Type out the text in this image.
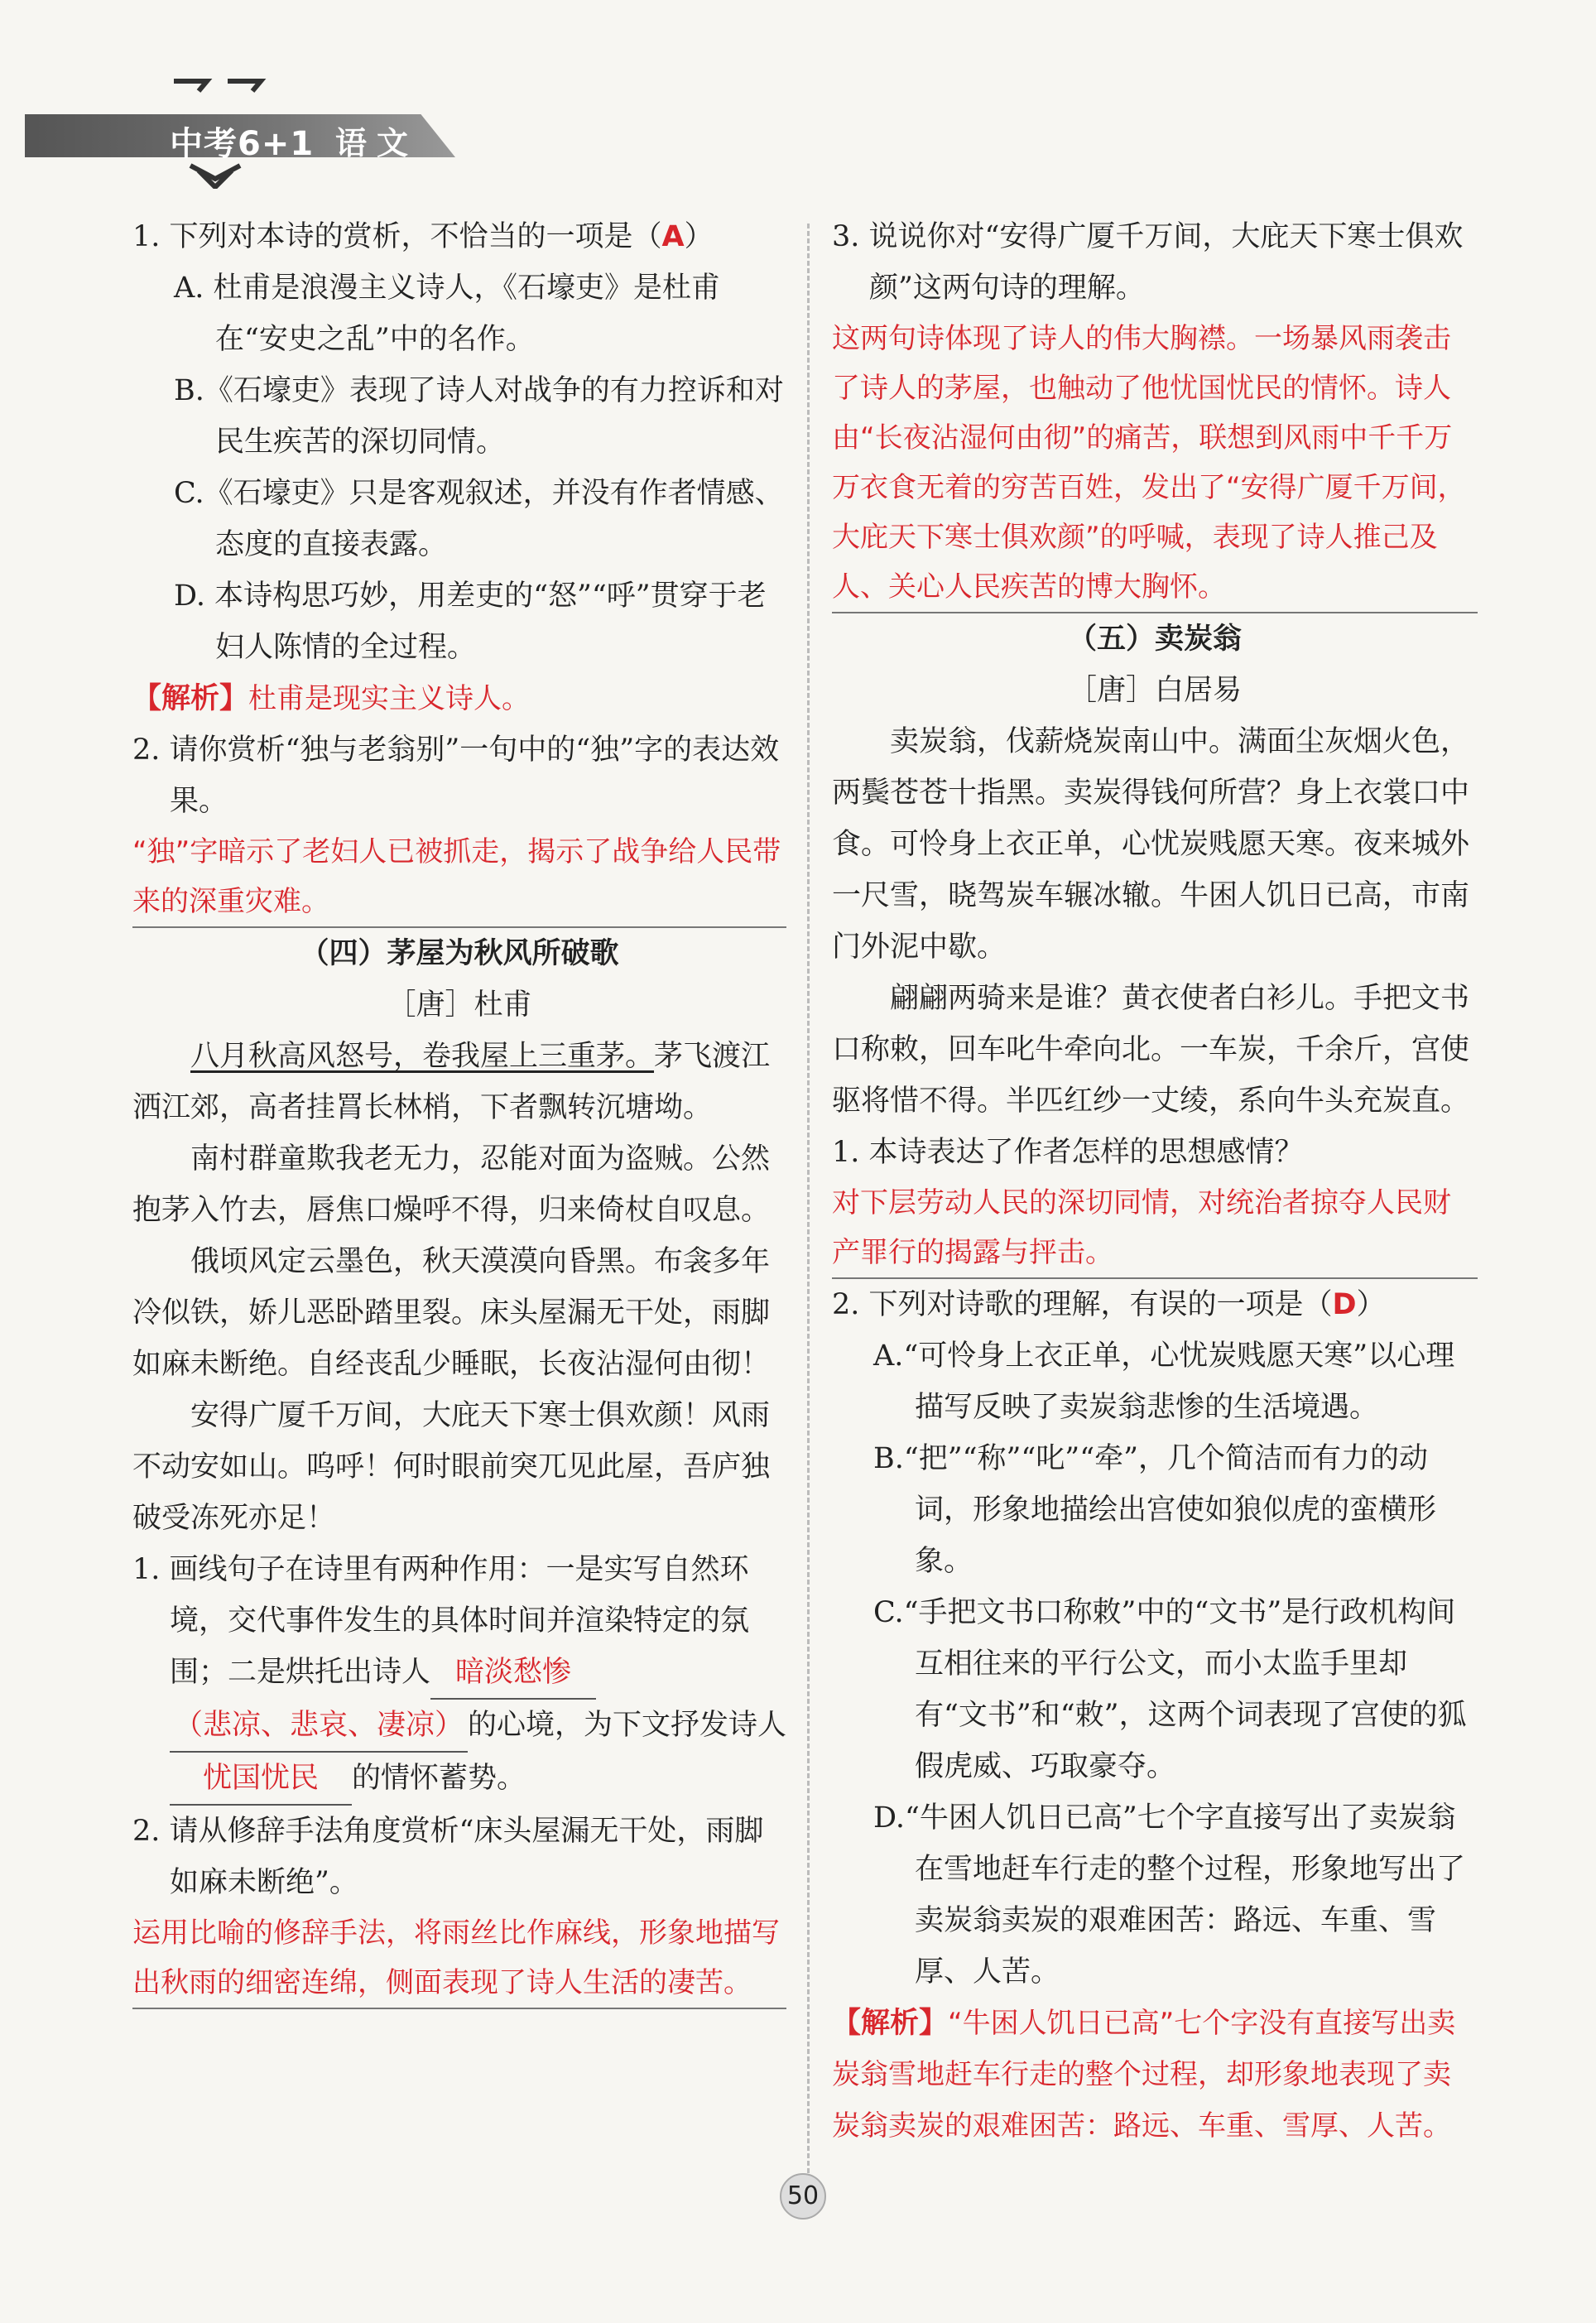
中考6+1 语文
1. 下列对本诗的赏析，不恰当的一项是（A）
A. 杜甫是浪漫主义诗人，《石壕吏》是杜甫在“安史之乱”中的名作。
B.《石壕吏》表现了诗人对战争的有力控诉和对民生疾苦的深切同情。
C.《石壕吏》只是客观叙述，并没有作者情感、态度的直接表露。
D. 本诗构思巧妙，用差吏的“怒”“呼”贯穿于老妇人陈情的全过程。
【解析】杜甫是现实主义诗人。
2. 请你赏析“独与老翁别”一句中的“独”字的表达效果。
“独”字暗示了老妇人已被抓走，揭示了战争给人民带来的深重灾难。
（四）茅屋为秋风所破歌
［唐］杜甫
八月秋高风怒号，卷我屋上三重茅。茅飞渡江洒江郊，高者挂罥长林梢，下者飘转沉塘坳。
南村群童欺我老无力，忍能对面为盗贼。公然抱茅入竹去，唇焦口燥呼不得，归来倚杖自叹息。
俄顷风定云墨色，秋天漠漠向昏黑。布衾多年冷似铁，娇儿恶卧踏里裂。床头屋漏无干处，雨脚如麻未断绝。自经丧乱少睡眠，长夜沾湿何由彻！
安得广厦千万间，大庇天下寒士俱欢颜！风雨不动安如山。呜呼！何时眼前突兀见此屋，吾庐独破受冻死亦足！
1. 画线句子在诗里有两种作用：一是实写自然环境，交代事件发生的具体时间并渲染特定的氛围；二是烘托出诗人 暗淡愁惨（悲凉、悲哀、凄凉） 的心境，为下文抒发诗人忧国忧民 的情怀蓄势。
2. 请从修辞手法角度赏析“床头屋漏无干处，雨脚如麻未断绝”。
运用比喻的修辞手法，将雨丝比作麻线，形象地描写出秋雨的细密连绵，侧面表现了诗人生活的凄苦。
3. 说说你对“安得广厦千万间，大庇天下寒士俱欢颜”这两句诗的理解。
这两句诗体现了诗人的伟大胸襟。一场暴风雨袭击了诗人的茅屋，也触动了他忧国忧民的情怀。诗人由“长夜沾湿何由彻”的痛苦，联想到风雨中千千万万衣食无着的穷苦百姓，发出了“安得广厦千万间，大庇天下寒士俱欢颜”的呼喊，表现了诗人推己及人、关心人民疾苦的博大胸怀。
（五）卖炭翁
［唐］白居易
卖炭翁，伐薪烧炭南山中。满面尘灰烟火色，两鬓苍苍十指黑。卖炭得钱何所营？身上衣裳口中食。可怜身上衣正单，心忧炭贱愿天寒。夜来城外一尺雪，晓驾炭车辗冰辙。牛困人饥日已高，市南门外泥中歇。
翩翩两骑来是谁？黄衣使者白衫儿。手把文书口称敕，回车叱牛牵向北。一车炭，千余斤，宫使驱将惜不得。半匹红纱一丈绫，系向牛头充炭直。
1. 本诗表达了作者怎样的思想感情？
对下层劳动人民的深切同情，对统治者掠夺人民财产罪行的揭露与抨击。
2. 下列对诗歌的理解，有误的一项是（D）
A.“可怜身上衣正单，心忧炭贱愿天寒”以心理描写反映了卖炭翁悲惨的生活境遇。
B.“把”“称”“叱”“牵”，几个简洁而有力的动词，形象地描绘出宫使如狼似虎的蛮横形象。
C.“手把文书口称敕”中的“文书”是行政机构间互相往来的平行公文，而小太监手里却有“文书”和“敕”，这两个词表现了宫使的狐假虎威、巧取豪夺。
D.“牛困人饥日已高”七个字直接写出了卖炭翁在雪地赶车行走的整个过程，形象地写出了卖炭翁卖炭的艰难困苦：路远、车重、雪厚、人苦。
【解析】“牛困人饥日已高”七个字没有直接写出卖炭翁雪地赶车行走的整个过程，却形象地表现了卖炭翁卖炭的艰难困苦：路远、车重、雪厚、人苦。
50
